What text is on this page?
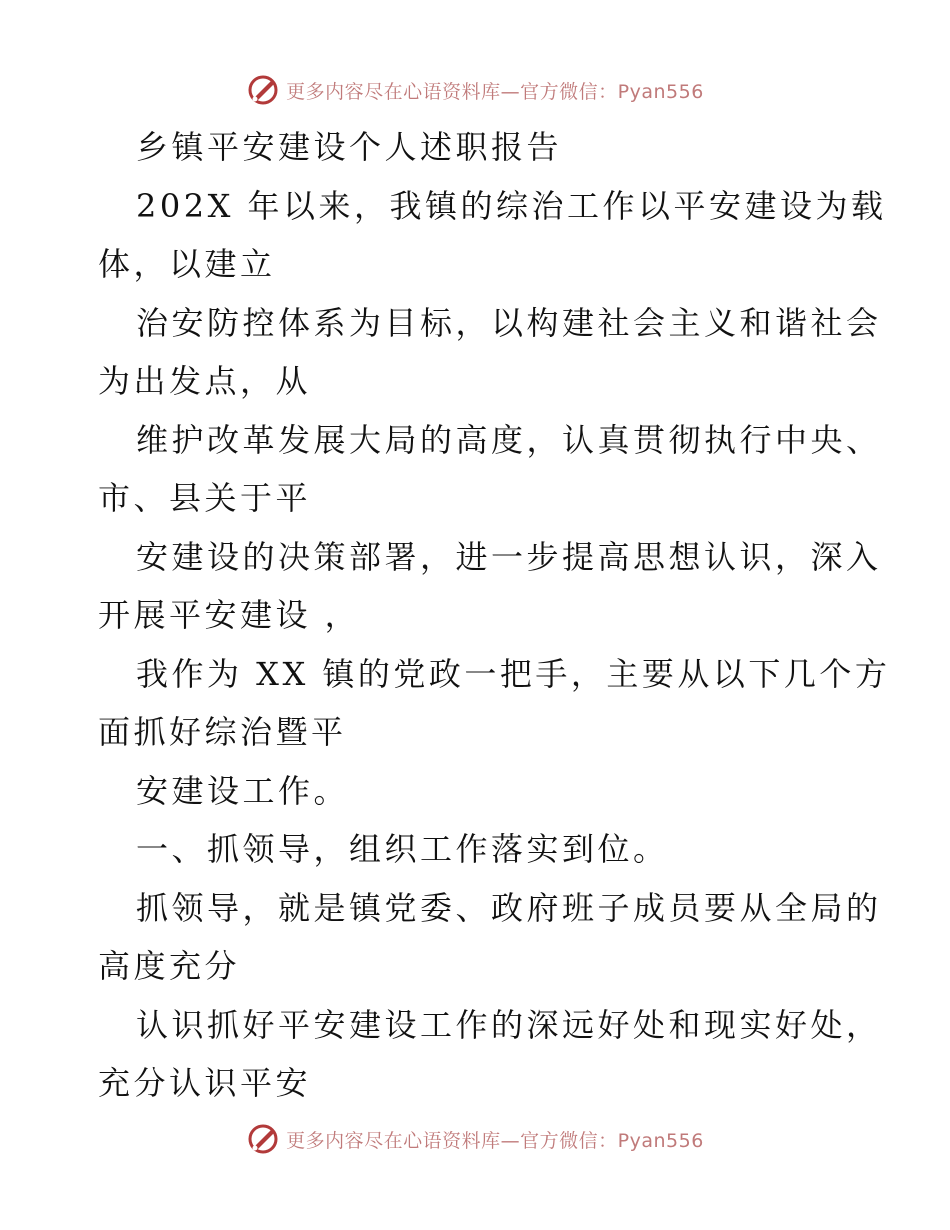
更多内容尽在心语资料库—官方微信：Pyan556
乡镇平安建设个人述职报告
202X 年以来，我镇的综治工作以平安建设为载
体，以建立
治安防控体系为目标，以构建社会主义和谐社会
为出发点，从
维护改革发展大局的高度，认真贯彻执行中央、
市、县关于平
安建设的决策部署，进一步提高思想认识，深入
开展平安建设 ，
我作为 XX 镇的党政一把手，主要从以下几个方
面抓好综治暨平
安建设工作。
一、抓领导，组织工作落实到位。
抓领导，就是镇党委、政府班子成员要从全局的
高度充分
认识抓好平安建设工作的深远好处和现实好处，
充分认识平安
更多内容尽在心语资料库—官方微信：Pyan556
